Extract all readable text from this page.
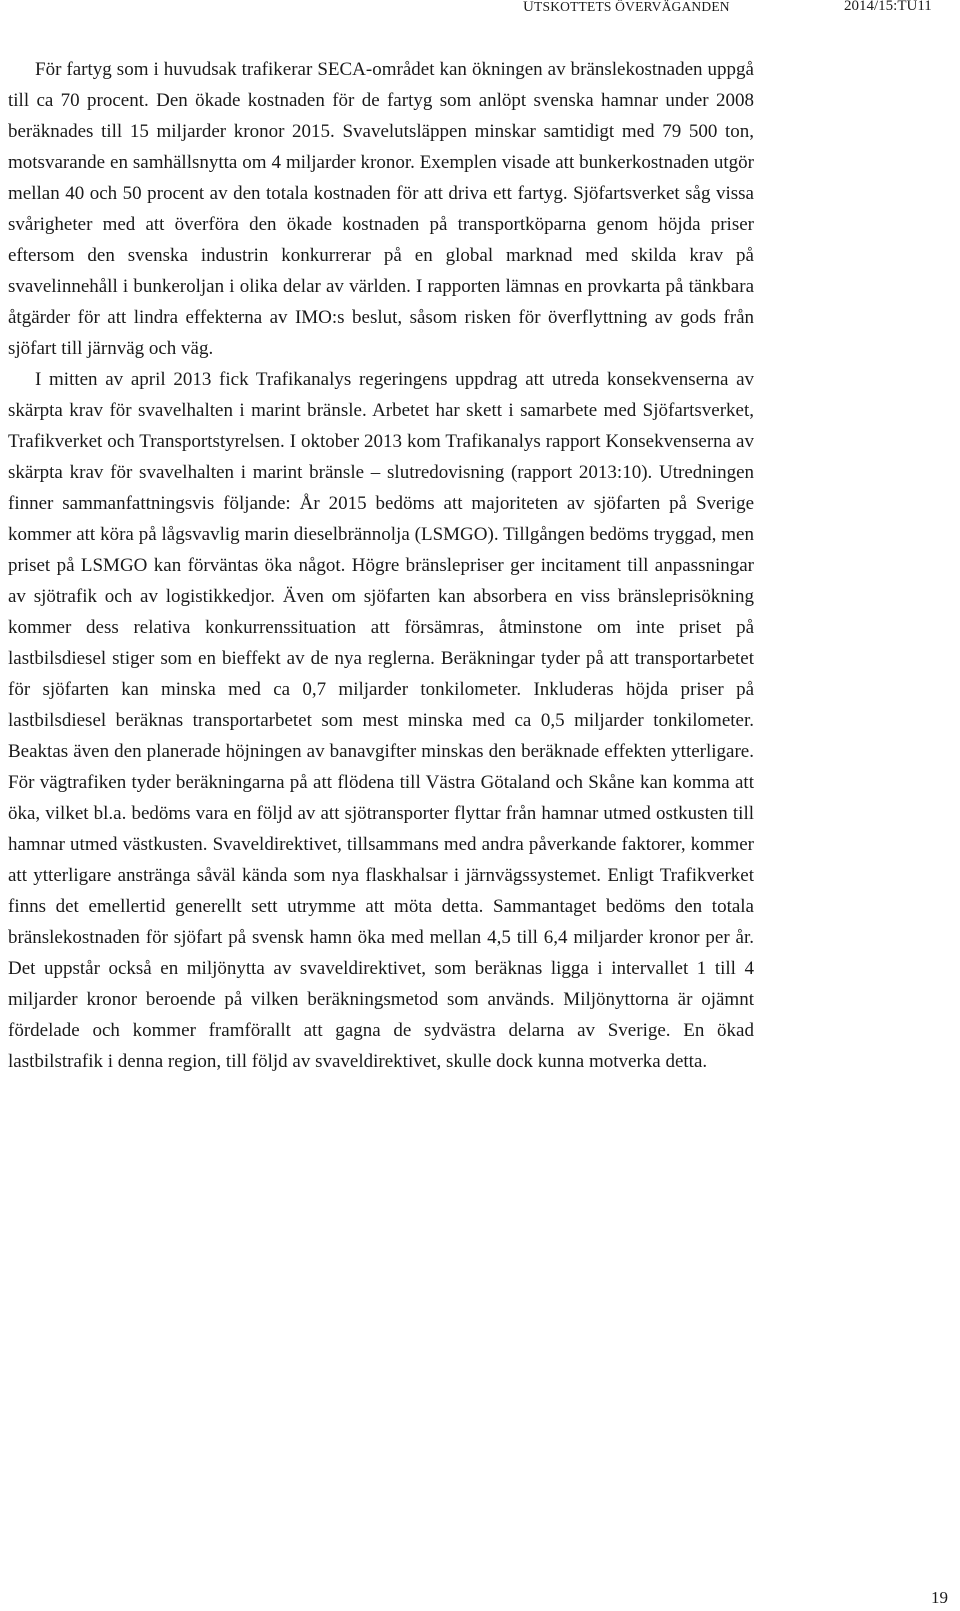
UTSKOTTETS ÖVERVÄGANDEN	2014/15:TU11

För fartyg som i huvudsak trafikerar SECA-området kan ökningen av bränslekostnaden uppgå till ca 70 procent. Den ökade kostnaden för de fartyg som anlöpt svenska hamnar under 2008 beräknades till 15 miljarder kronor 2015. Svavelutsläppen minskar samtidigt med 79 500 ton, motsvarande en samhällsnytta om 4 miljarder kronor. Exemplen visade att bunkerkostnaden utgör mellan 40 och 50 procent av den totala kostnaden för att driva ett fartyg. Sjöfartsverket såg vissa svårigheter med att överföra den ökade kostnaden på transportköparna genom höjda priser eftersom den svenska industrin konkurrerar på en global marknad med skilda krav på svavelinnehåll i bunkeroljan i olika delar av världen. I rapporten lämnas en provkarta på tänkbara åtgärder för att lindra effekterna av IMO:s beslut, såsom risken för överflyttning av gods från sjöfart till järnväg och väg.

I mitten av april 2013 fick Trafikanalys regeringens uppdrag att utreda konsekvenserna av skärpta krav för svavelhalten i marint bränsle. Arbetet har skett i samarbete med Sjöfartsverket, Trafikverket och Transportstyrelsen. I oktober 2013 kom Trafikanalys rapport Konsekvenserna av skärpta krav för svavelhalten i marint bränsle – slutredovisning (rapport 2013:10). Utredningen finner sammanfattningsvis följande: År 2015 bedöms att majoriteten av sjöfarten på Sverige kommer att köra på lågsvavlig marin dieselbrännolja (LSMGO). Tillgången bedöms tryggad, men priset på LSMGO kan förväntas öka något. Högre bränslepriser ger incitament till anpassningar av sjötrafik och av logistikkedjor. Även om sjöfarten kan absorbera en viss bränsleprisökning kommer dess relativa konkurrenssituation att försämras, åtminstone om inte priset på lastbilsdiesel stiger som en bieffekt av de nya reglerna. Beräkningar tyder på att transportarbetet för sjöfarten kan minska med ca 0,7 miljarder tonkilometer. Inkluderas höjda priser på lastbilsdiesel beräknas transportarbetet som mest minska med ca 0,5 miljarder tonkilometer. Beaktas även den planerade höjningen av banavgifter minskas den beräknade effekten ytterligare. För vägtrafiken tyder beräkningarna på att flödena till Västra Götaland och Skåne kan komma att öka, vilket bl.a. bedöms vara en följd av att sjötransporter flyttar från hamnar utmed ostkusten till hamnar utmed västkusten. Svaveldirektivet, tillsammans med andra påverkande faktorer, kommer att ytterligare anstränga såväl kända som nya flaskhalsar i järnvägssystemet. Enligt Trafikverket finns det emellertid generellt sett utrymme att möta detta. Sammantaget bedöms den totala bränslekostnaden för sjöfart på svensk hamn öka med mellan 4,5 till 6,4 miljarder kronor per år. Det uppstår också en miljönytta av svaveldirektivet, som beräknas ligga i intervallet 1 till 4 miljarder kronor beroende på vilken beräkningsmetod som används. Miljönyttorna är ojämnt fördelade och kommer framförallt att gagna de sydvästra delarna av Sverige. En ökad lastbilstrafik i denna region, till följd av svaveldirektivet, skulle dock kunna motverka detta.

19
